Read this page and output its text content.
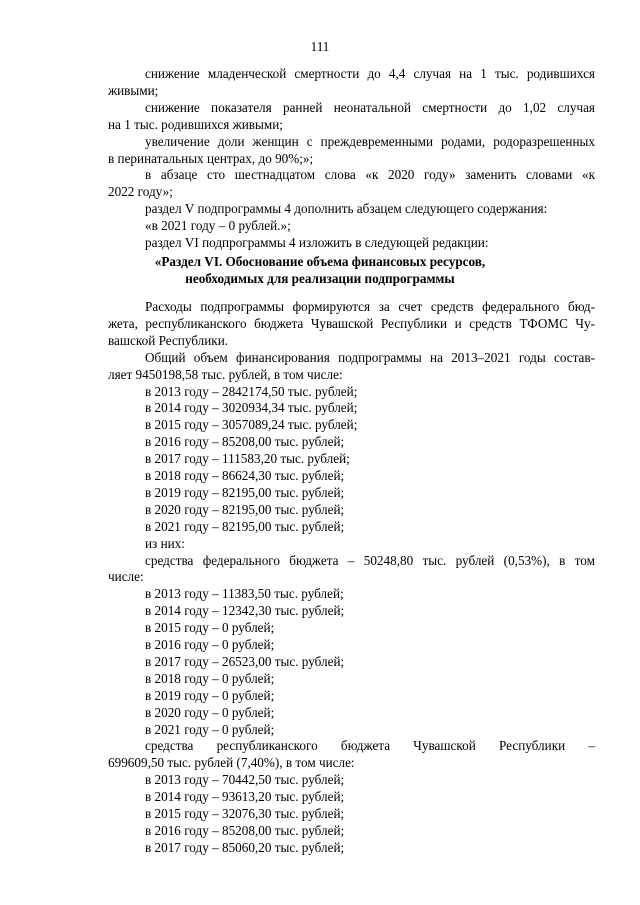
111
снижение младенческой смертности до 4,4 случая на 1 тыс. родившихся
живыми;
снижение показателя ранней неонатальной смертности до 1,02 случая
на 1 тыс. родившихся живыми;
увеличение доли женщин с преждевременными родами, родоразрешенных
в перинатальных центрах, до 90%;»;
в абзаце сто шестнадцатом слова «к 2020 году» заменить словами «к
2022 году»;
раздел V подпрограммы 4 дополнить абзацем следующего содержания:
«в 2021 году – 0 рублей.»;
раздел VI подпрограммы 4 изложить в следующей редакции:
«Раздел VI. Обоснование объема финансовых ресурсов,
необходимых для реализации подпрограммы
Расходы подпрограммы формируются за счет средств федерального бюд-
жета, республиканского бюджета Чувашской Республики и средств ТФОМС Чу-
вашской Республики.
Общий объем финансирования подпрограммы на 2013–2021 годы состав-
ляет 9450198,58 тыс. рублей, в том числе:
в 2013 году – 2842174,50 тыс. рублей;
в 2014 году – 3020934,34 тыс. рублей;
в 2015 году – 3057089,24 тыс. рублей;
в 2016 году – 85208,00 тыс. рублей;
в 2017 году – 111583,20 тыс. рублей;
в 2018 году – 86624,30 тыс. рублей;
в 2019 году – 82195,00 тыс. рублей;
в 2020 году – 82195,00 тыс. рублей;
в 2021 году – 82195,00 тыс. рублей;
из них:
средства федерального бюджета – 50248,80 тыс. рублей (0,53%), в том
числе:
в 2013 году – 11383,50 тыс. рублей;
в 2014 году – 12342,30 тыс. рублей;
в 2015 году – 0 рублей;
в 2016 году – 0 рублей;
в 2017 году – 26523,00 тыс. рублей;
в 2018 году – 0 рублей;
в 2019 году – 0 рублей;
в 2020 году – 0 рублей;
в 2021 году – 0 рублей;
средства республиканского бюджета Чувашской Республики –
699609,50 тыс. рублей (7,40%), в том числе:
в 2013 году – 70442,50 тыс. рублей;
в 2014 году – 93613,20 тыс. рублей;
в 2015 году – 32076,30 тыс. рублей;
в 2016 году – 85208,00 тыс. рублей;
в 2017 году – 85060,20 тыс. рублей;
